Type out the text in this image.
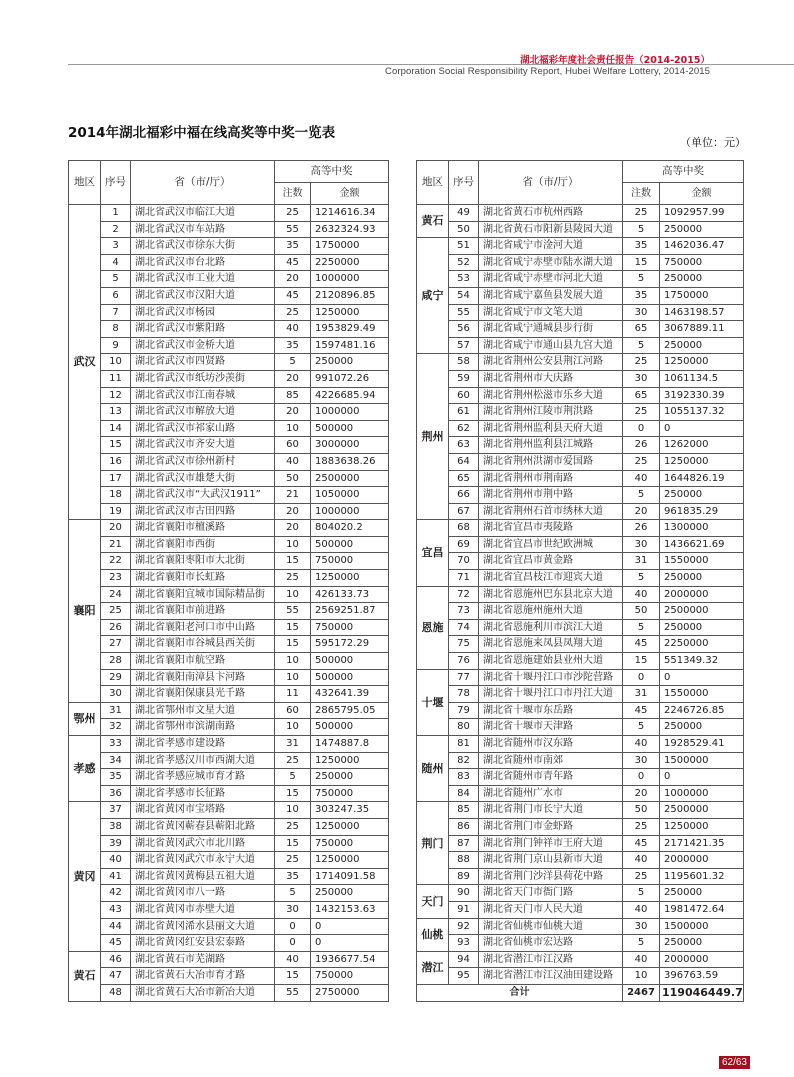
湖北福彩年度社会责任报告（2014-2015）
Corporation Social Responsibility Report, Hubei Welfare Lottery, 2014-2015
2014年湖北福彩中福在线高奖等中奖一览表
（单位：元）
地区	序号	省（市/厅）	高等中奖	
			注数	金额
武汉	1	湖北省武汉市临江大道	25	1214616.34
	2	湖北省武汉市车站路	55	2632324.93
	3	湖北省武汉市徐东大街	35	1750000
	4	湖北省武汉市台北路	45	2250000
	5	湖北省武汉市工业大道	20	1000000
	6	湖北省武汉市汉阳大道	45	2120896.85
	7	湖北省武汉市杨园	25	1250000
	8	湖北省武汉市紫阳路	40	1953829.49
	9	湖北省武汉市金桥大道	35	1597481.16
	10	湖北省武汉市四贤路	5	250000
	11	湖北省武汉市纸坊沙羡街	20	991072.26
	12	湖北省武汉市江南春城	85	4226685.94
	13	湖北省武汉市解放大道	20	1000000
	14	湖北省武汉市祁家山路	10	500000
	15	湖北省武汉市齐安大道	60	3000000
	16	湖北省武汉市徐州新村	40	1883638.26
	17	湖北省武汉市雄楚大街	50	2500000
	18	湖北省武汉市“大武汉1911”	21	1050000
	19	湖北省武汉市古田四路	20	1000000
襄阳	20	湖北省襄阳市檀溪路	20	804020.2
	21	湖北省襄阳市西街	10	500000
	22	湖北省襄阳枣阳市大北街	15	750000
	23	湖北省襄阳市长虹路	25	1250000
	24	湖北省襄阳宜城市国际精品街	10	426133.73
	25	湖北省襄阳市前进路	55	2569251.87
	26	湖北省襄阳老河口市中山路	15	750000
	27	湖北省襄阳市谷城县西关街	15	595172.29
	28	湖北省襄阳市航空路	10	500000
	29	湖北省襄阳南漳县卞河路	10	500000
	30	湖北省襄阳保康县光千路	11	432641.39
鄂州	31	湖北省鄂州市文星大道	60	2865795.05
	32	湖北省鄂州市滨湖南路	10	500000
孝感	33	湖北省孝感市建设路	31	1474887.8
	34	湖北省孝感汉川市西湖大道	25	1250000
	35	湖北省孝感应城市育才路	5	250000
	36	湖北省孝感市长征路	15	750000
黄冈	37	湖北省黄冈市宝塔路	10	303247.35
	38	湖北省黄冈蕲春县蕲阳北路	25	1250000
	39	湖北省黄冈武穴市北川路	15	750000
	40	湖北省黄冈武穴市永宁大道	25	1250000
	41	湖北省黄冈黄梅县五祖大道	35	1714091.58
	42	湖北省黄冈市八一路	5	250000
	43	湖北省黄冈市赤壁大道	30	1432153.63
	44	湖北省黄冈浠水县丽文大道	0	0
	45	湖北省黄冈红安县宏泰路	0	0
黄石	46	湖北省黄石市芜湖路	40	1936677.54
	47	湖北省黄石大冶市育才路	15	750000
	48	湖北省黄石大冶市新冶大道	55	2750000
地区	序号	省（市/厅）	高等中奖	
			注数	金额
黄石	49	湖北省黄石市杭州西路	25	1092957.99
	50	湖北省黄石市阳新县陵园大道	5	250000
咸宁	51	湖北省咸宁市淦河大道	35	1462036.47
	52	湖北省咸宁赤壁市陆水湖大道	15	750000
	53	湖北省咸宁赤壁市河北大道	5	250000
	54	湖北省咸宁嘉鱼县发展大道	35	1750000
	55	湖北省咸宁市文笔大道	30	1463198.57
	56	湖北省咸宁通城县步行街	65	3067889.11
	57	湖北省咸宁市通山县九宫大道	5	250000
荆州	58	湖北省荆州公安县荆江河路	25	1250000
	59	湖北省荆州市大庆路	30	1061134.5
	60	湖北省荆州松滋市乐乡大道	65	3192330.39
	61	湖北省荆州江陵市荆洪路	25	1055137.32
	62	湖北省荆州监利县天府大道	0	0
	63	湖北省荆州监利县江城路	26	1262000
	64	湖北省荆州洪湖市爱国路	25	1250000
	65	湖北省荆州市荆南路	40	1644826.19
	66	湖北省荆州市荆中路	5	250000
	67	湖北省荆州石首市绣林大道	20	961835.29
宜昌	68	湖北省宜昌市夷陵路	26	1300000
	69	湖北省宜昌市世纪欧洲城	30	1436621.69
	70	湖北省宜昌市黄金路	31	1550000
	71	湖北省宜昌枝江市迎宾大道	5	250000
恩施	72	湖北省恩施州巴东县北京大道	40	2000000
	73	湖北省恩施州施州大道	50	2500000
	74	湖北省恩施利川市滨江大道	5	250000
	75	湖北省恩施来凤县凤翔大道	45	2250000
	76	湖北省恩施建始县业州大道	15	551349.32
十堰	77	湖北省十堰丹江口市沙陀营路	0	0
	78	湖北省十堰丹江口市丹江大道	31	1550000
	79	湖北省十堰市东岳路	45	2246726.85
	80	湖北省十堰市天津路	5	250000
随州	81	湖北省随州市汉东路	40	1928529.41
	82	湖北省随州市南郊	30	1500000
	83	湖北省随州市青年路	0	0
	84	湖北省随州广水市	20	1000000
荆门	85	湖北省荆门市长宁大道	50	2500000
	86	湖北省荆门市金虾路	25	1250000
	87	湖北省荆门钟祥市王府大道	45	2171421.35
	88	湖北省荆门京山县新市大道	40	2000000
	89	湖北省荆门沙洋县荷花中路	25	1195601.32
天门	90	湖北省天门市衙门路	5	250000
	91	湖北省天门市人民大道	40	1981472.64
仙桃	92	湖北省仙桃市仙桃大道	30	1500000
	93	湖北省仙桃市宏达路	5	250000
潜江	94	湖北省潜江市江汉路	40	2000000
	95	湖北省潜江市江汉油田建设路	10	396763.59
合计			2467	119046449.7
62/63
